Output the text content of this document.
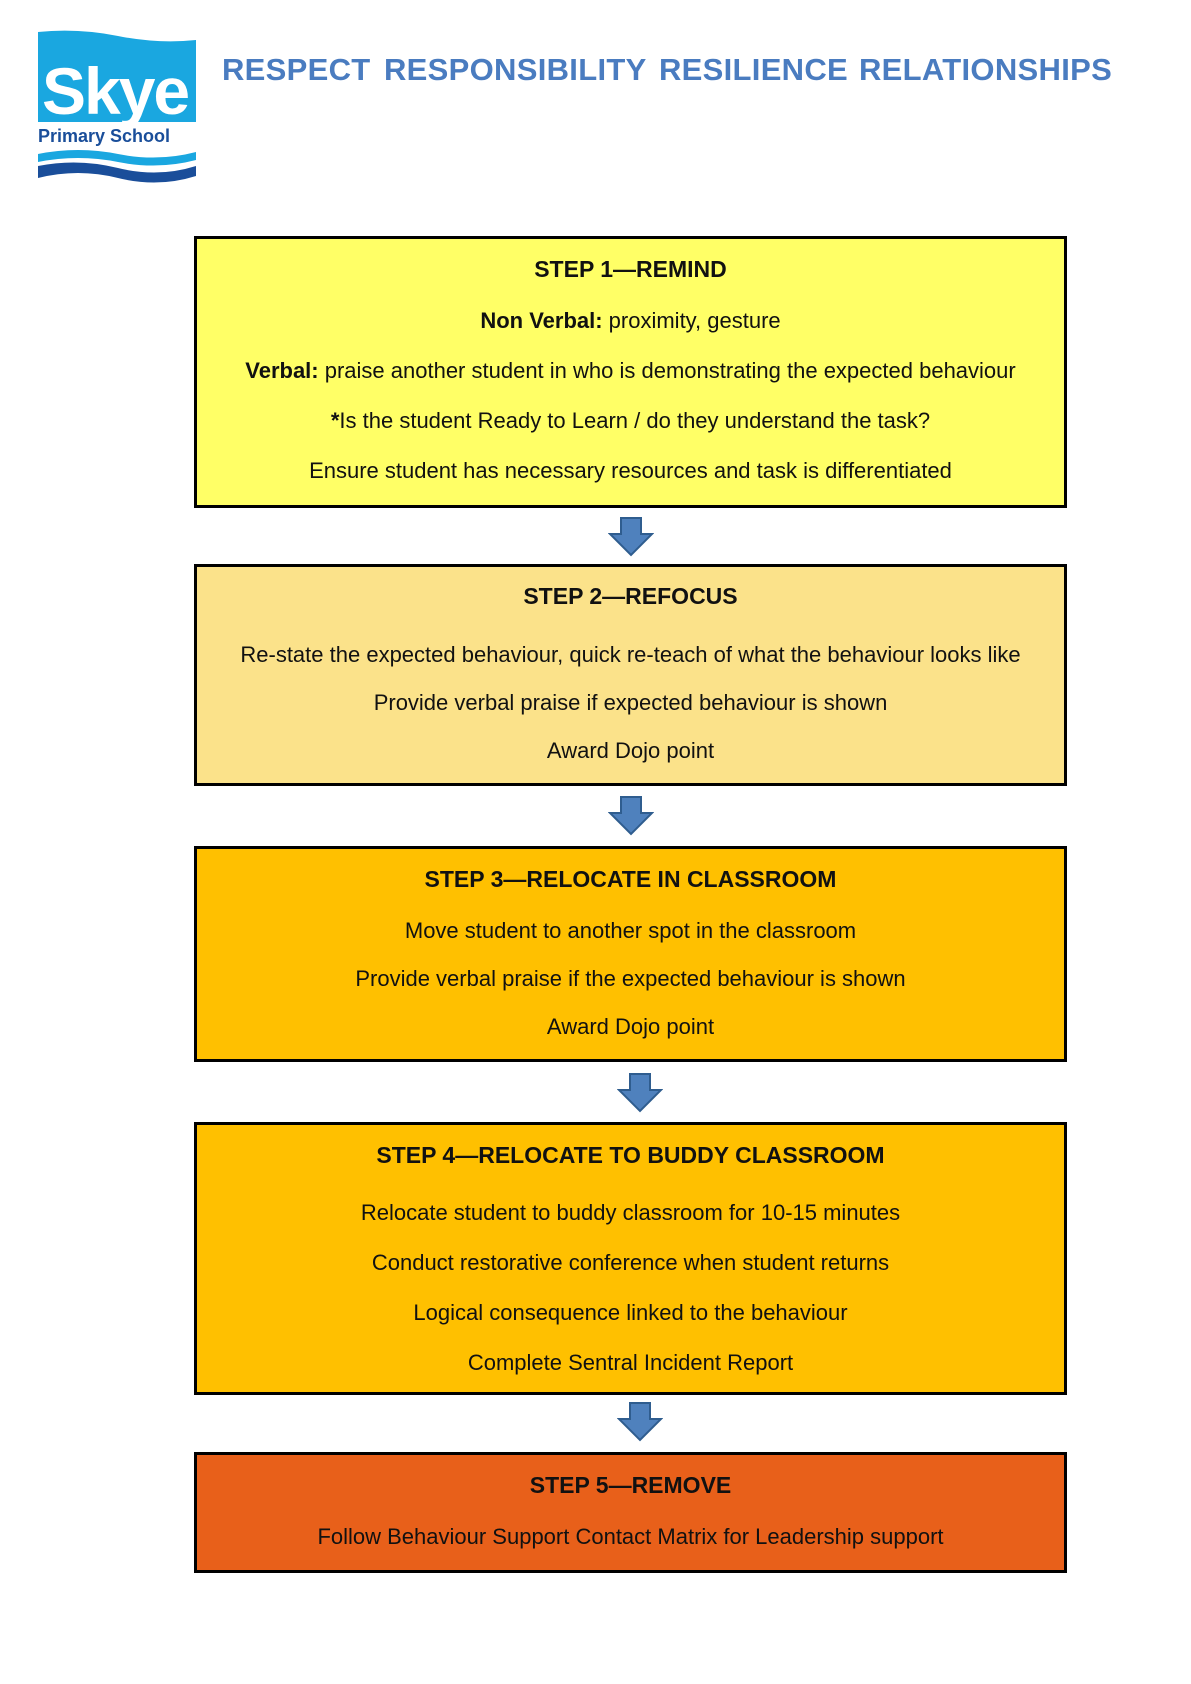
Skye
Primary School
RESPECT RESPONSIBILITY RESILIENCE RELATIONSHIPS

STEP 1—REMIND

Non Verbal: proximity, gesture

Verbal: praise another student in who is demonstrating the expected behaviour

*Is the student Ready to Learn / do they understand the task?

Ensure student has necessary resources and task is differentiated

STEP 2—REFOCUS

Re-state the expected behaviour, quick re-teach of what the behaviour looks like

Provide verbal praise if expected behaviour is shown

Award Dojo point

STEP 3—RELOCATE IN CLASSROOM

Move student to another spot in the classroom

Provide verbal praise if the expected behaviour is shown

Award Dojo point

STEP 4—RELOCATE TO BUDDY CLASSROOM

Relocate student to buddy classroom for 10-15 minutes

Conduct restorative conference when student returns

Logical consequence linked to the behaviour

Complete Sentral Incident Report

STEP 5—REMOVE

Follow Behaviour Support Contact Matrix for Leadership support
